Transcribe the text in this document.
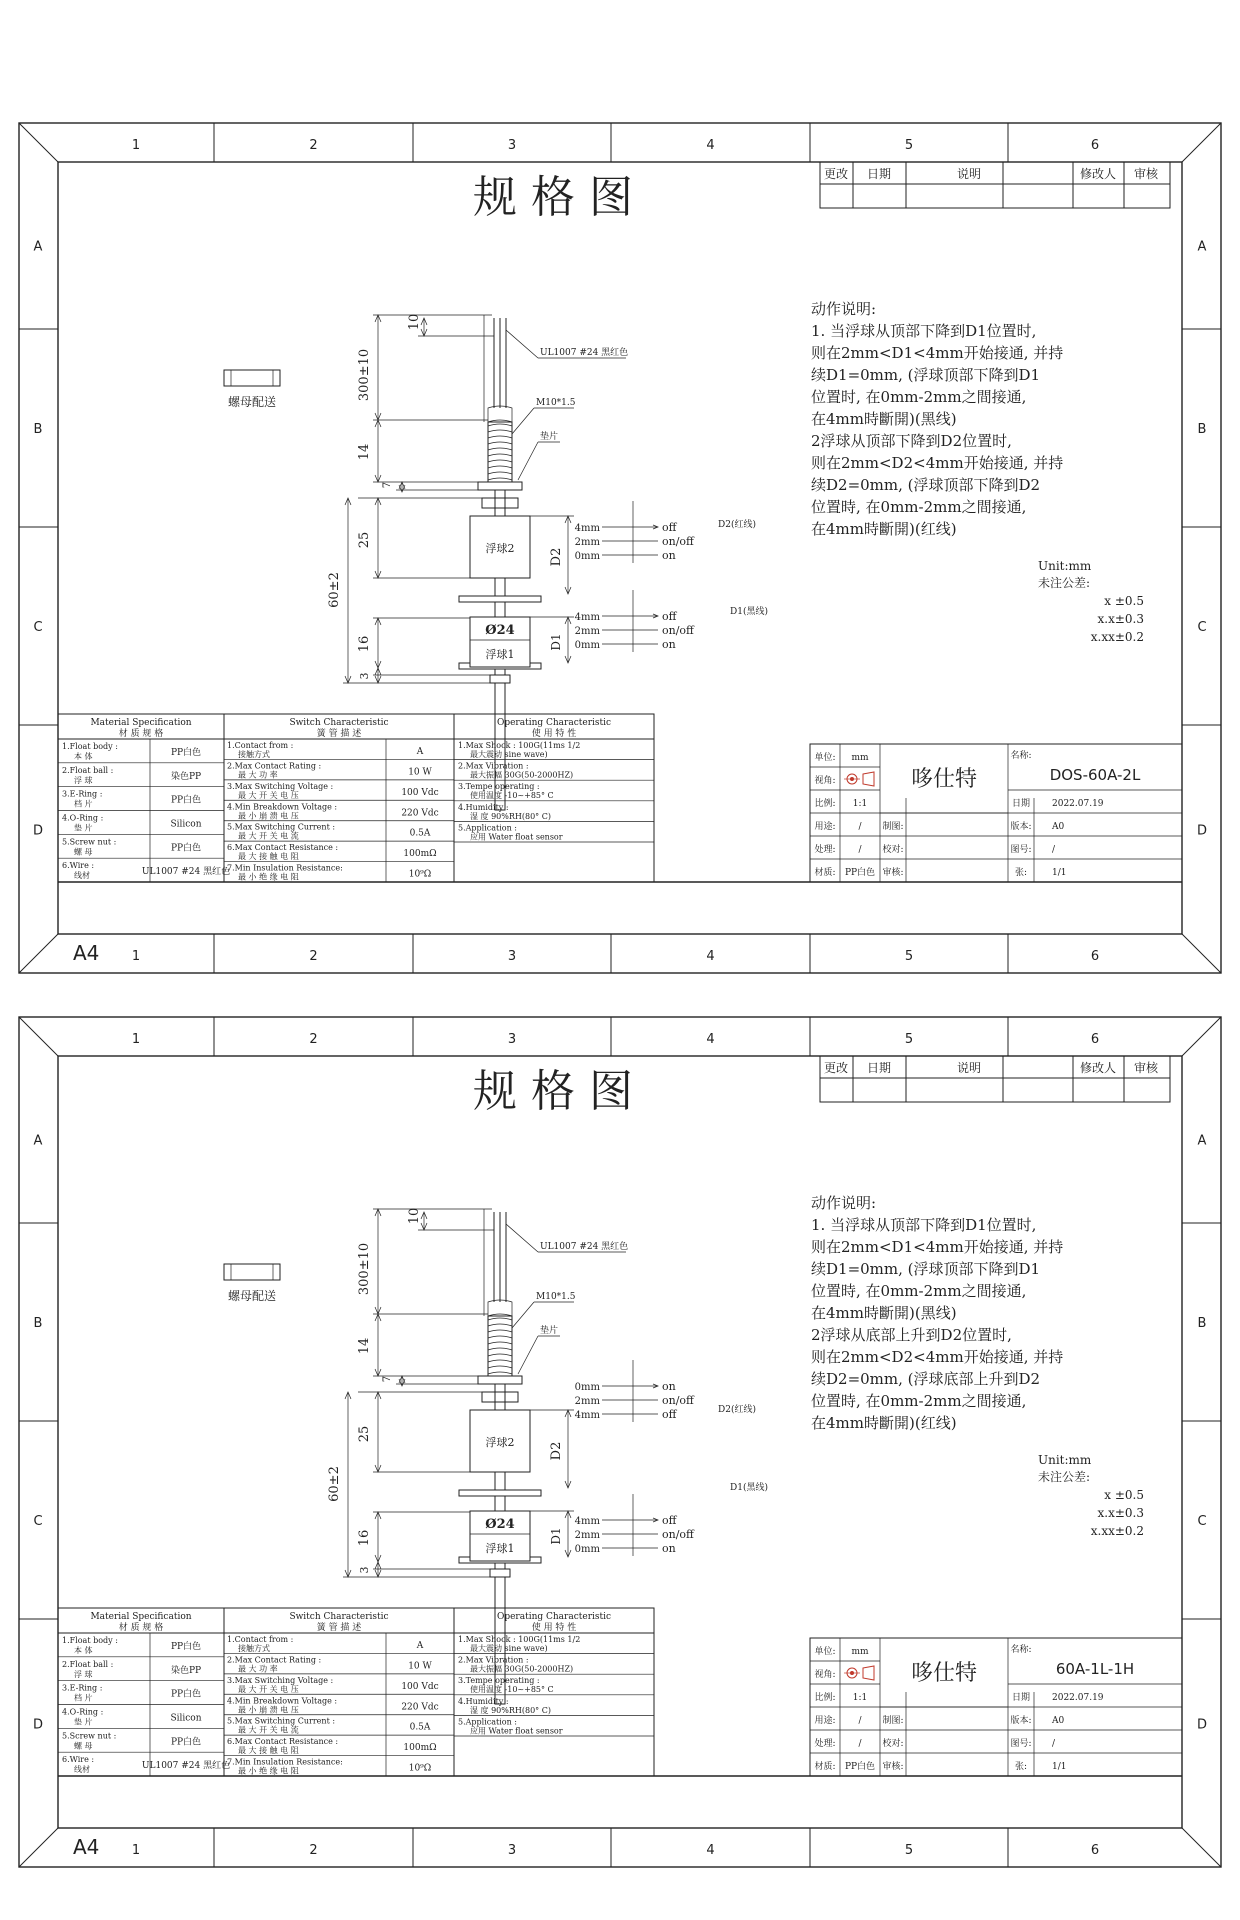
1
1
2
2
3
3
4
4
5
5
6
6
A	A
B	B
C	C
D	D
A4
规 格 图	更改 日期	说明	修改人 审核
螺母配送
浮球2
Ø24
浮球1
300±10
10
14
7
25
60±2
16
3
D2
D1
UL1007 #24 黑红色
M10*1.5
垫片
4mm	off
2mm	on/off
0mm	on
D2(红线)
4mm	off
2mm	on/off
0mm	on
D1(黑线)
动作说明:
1. 当浮球从顶部下降到D1位置时,
则在2mm<D1<4mm开始接通, 并持
续D1=0mm, (浮球顶部下降到D1
位置时, 在0mm-2mm之間接通,
在4mm時斷開)(黑线)
2浮球从顶部下降到D2位置时,
则在2mm<D2<4mm开始接通, 并持
续D2=0mm, (浮球顶部下降到D2
位置時, 在0mm-2mm之間接通,
在4mm時斷開)(红线)
Unit:mm
未注公差:
x ±0.5
x.x±0.3
x.xx±0.2
Material Specification
材 质 规 格
Switch Characteristic
簧 管 描 述
Operating Characteristic
使 用 特 性
1.Float body :
本 体	PP白色
2.Float ball :
浮 球	染色PP
3.E-Ring :
档 片	PP白色
4.O-Ring :
垫 片	Silicon
5.Screw nut :
螺 母	PP白色
6.Wire :
线材	UL1007 #24 黑红色
1.Contact from :
接触方式	A
2.Max Contact Rating :
最 大 功 率	10 W
3.Max Switching Voltage :
最 大 开 关 电 压	100 Vdc
4.Min Breakdown Voltage :
最 小 崩 溃 电 压	220 Vdc
5.Max Switching Current :
最 大 开 关 电 流	0.5A
6.Max Contact Resistance :
最 大 接 触 电 阻	100mΩ
7.Min Insulation Resistance:
最 小 绝 缘 电 阻	10⁹Ω
1.Max Shock : 100G(11ms 1/2
最大震动 sine wave)
2.Max Vibration :
最大振幅 30G(50-2000HZ)
3.Tempe operating :
使用温度 -10~+85° C
4.Humidity :
湿 度 90%RH(80° C)
5.Application :
应用 Water float sensor
单位: mm
视角:
比例: 1:1
用途:	/
处理:	/
材质: PP白色
哆仕特
制图:
校对:
审核:
名称:
DOS-60A-2L
日期 2022.07.19
版本: A0
图号: /
张:	1/1
1
1
2
2
3
3
4
4
5
5
6
6
A	A
B	B
C	C
D	D
A4
规 格 图	更改 日期	说明	修改人 审核
螺母配送
浮球2
Ø24
浮球1
300±10
10
14
7
25
60±2
16
3
D2
D1
UL1007 #24 黑红色
M10*1.5
垫片
0mm	on
2mm	on/off
4mm	off	D2(红线)
4mm	off
2mm	on/off
0mm	on
D1(黑线)
动作说明:
1. 当浮球从顶部下降到D1位置时,
则在2mm<D1<4mm开始接通, 并持
续D1=0mm, (浮球顶部下降到D1
位置時, 在0mm-2mm之間接通,
在4mm時斷開)(黑线)
2浮球从底部上升到D2位置时,
则在2mm<D2<4mm开始接通, 并持
续D2=0mm, (浮球底部上升到D2
位置時, 在0mm-2mm之間接通,
在4mm時斷開)(红线)
Unit:mm
未注公差:
x ±0.5
x.x±0.3
x.xx±0.2
Material Specification
材 质 规 格
Switch Characteristic
簧 管 描 述
Operating Characteristic
使 用 特 性
1.Float body :
本 体	PP白色
2.Float ball :
浮 球	染色PP
3.E-Ring :
档 片	PP白色
4.O-Ring :
垫 片	Silicon
5.Screw nut :
螺 母	PP白色
6.Wire :
线材	UL1007 #24 黑红色
1.Contact from :
接触方式	A
2.Max Contact Rating :
最 大 功 率	10 W
3.Max Switching Voltage :
最 大 开 关 电 压	100 Vdc
4.Min Breakdown Voltage :
最 小 崩 溃 电 压	220 Vdc
5.Max Switching Current :
最 大 开 关 电 流	0.5A
6.Max Contact Resistance :
最 大 接 触 电 阻	100mΩ
7.Min Insulation Resistance:
最 小 绝 缘 电 阻	10⁹Ω
1.Max Shock : 100G(11ms 1/2
最大震动 sine wave)
2.Max Vibration :
最大振幅 30G(50-2000HZ)
3.Tempe operating :
使用温度 -10~+85° C
4.Humidity :
湿 度 90%RH(80° C)
5.Application :
应用 Water float sensor
单位: mm
视角:
比例: 1:1
用途:	/
处理:	/
材质: PP白色
哆仕特
制图:
校对:
审核:
名称:
60A-1L-1H
日期 2022.07.19
版本: A0
图号: /
张:	1/1
